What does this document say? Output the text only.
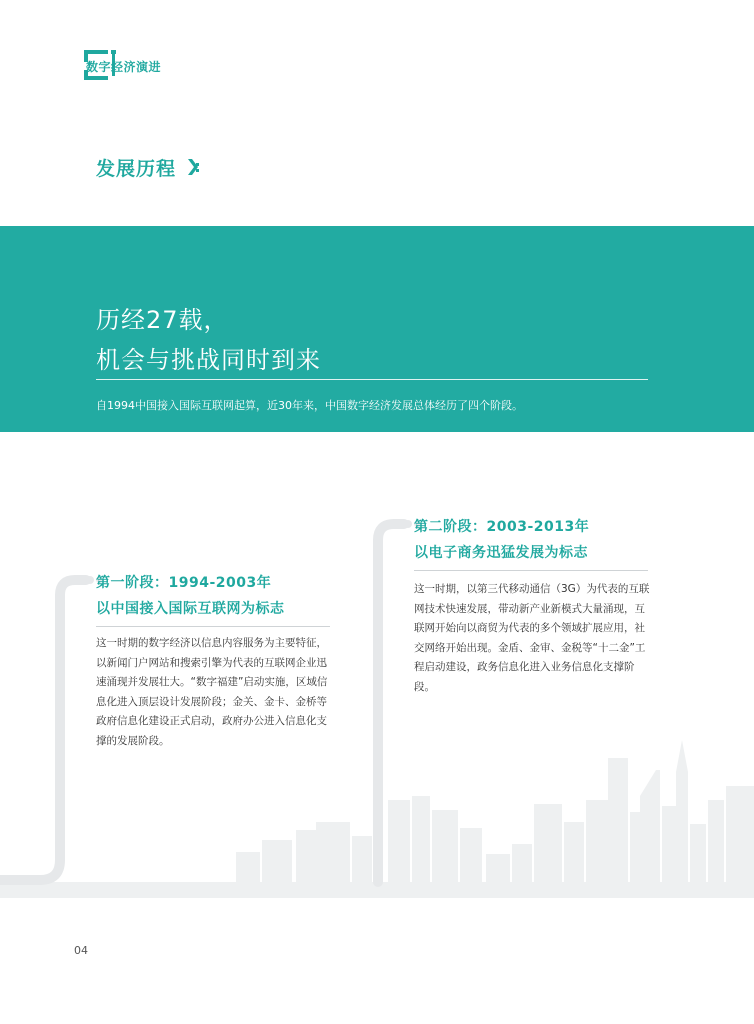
数字经济演进
发展历程
历经27载，
机会与挑战同时到来
自1994中国接入国际互联网起算，近30年来，中国数字经济发展总体经历了四个阶段。
第一阶段：1994-2003年
以中国接入国际互联网为标志
这一时期的数字经济以信息内容服务为主要特征，以新闻门户网站和搜索引擎为代表的互联网企业迅速涌现并发展壮大。“数字福建”启动实施，区域信息化进入顶层设计发展阶段；金关、金卡、金桥等政府信息化建设正式启动，政府办公进入信息化支撑的发展阶段。
第二阶段：2003-2013年
以电子商务迅猛发展为标志
这一时期，以第三代移动通信（3G）为代表的互联网技术快速发展，带动新产业新模式大量涌现，互联网开始向以商贸为代表的多个领域扩展应用，社交网络开始出现。金盾、金审、金税等“十二金”工程启动建设，政务信息化进入业务信息化支撑阶段。
04
